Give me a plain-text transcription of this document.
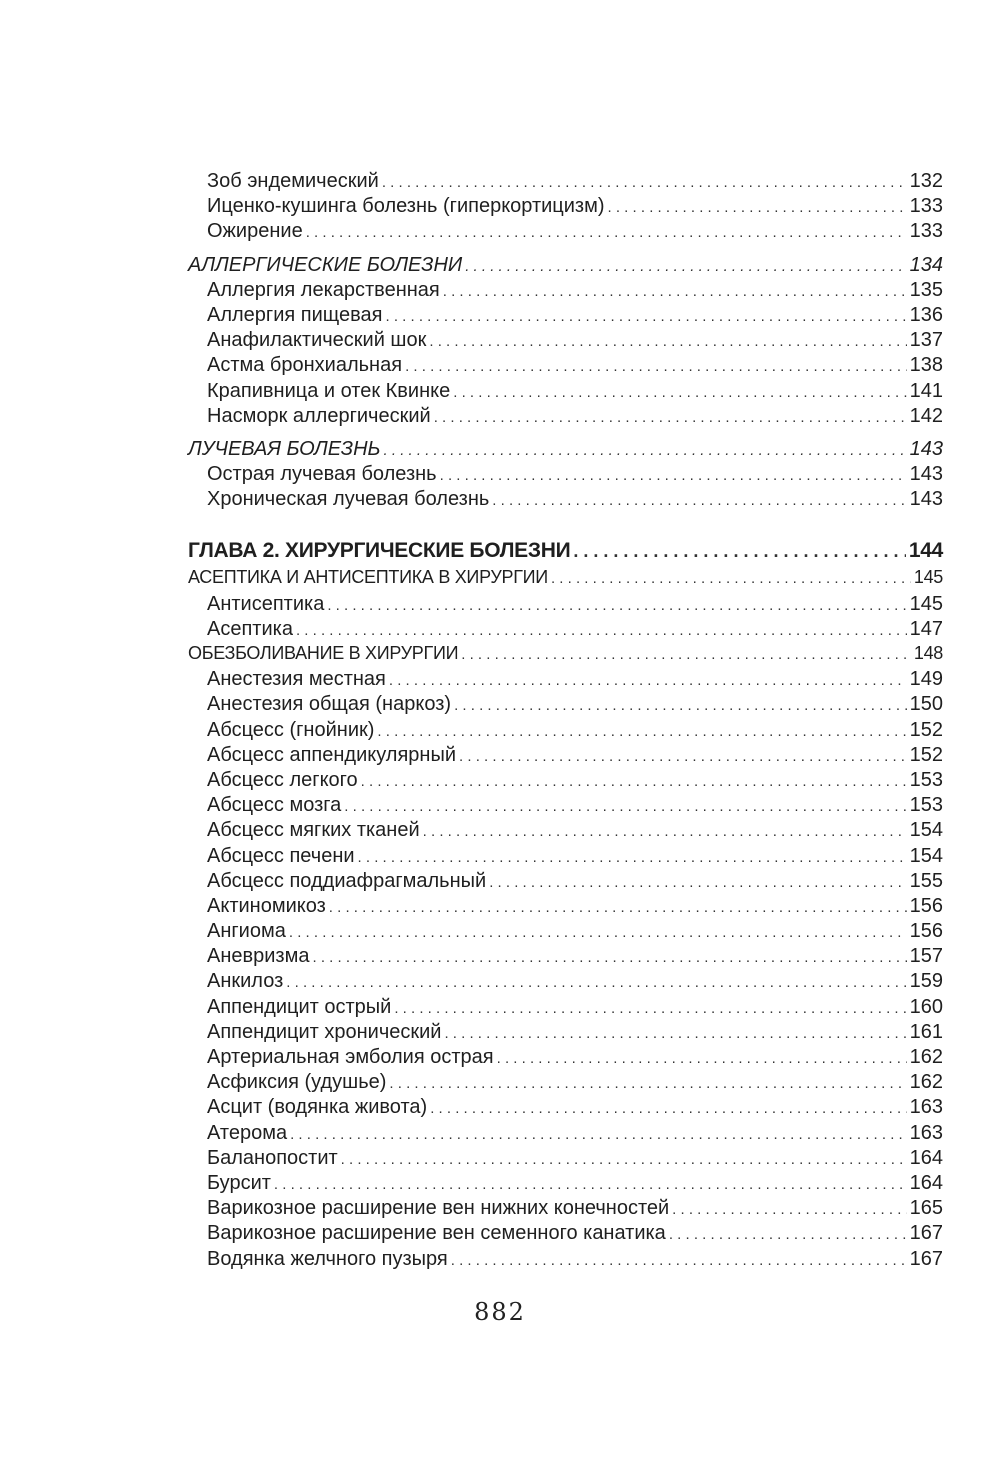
Зоб эндемический . . .	132
Иценко-кушинга болезнь (гиперкортицизм) . . .	133
Ожирение . . .	133
АЛЛЕРГИЧЕСКИЕ БОЛЕЗНИ . . .	134
Аллергия лекарственная . . .	135
Аллергия пищевая . . .	136
Анафилактический шок . . .	137
Астма бронхиальная . . .	138
Крапивница и отек Квинке . . .	141
Насморк аллергический . . .	142
ЛУЧЕВАЯ БОЛЕЗНЬ . . .	143
Острая лучевая болезнь . . .	143
Хроническая лучевая болезнь . . .	143
ГЛАВА 2. ХИРУРГИЧЕСКИЕ БОЛЕЗНИ . . .	144
АСЕПТИКА И АНТИСЕПТИКА В ХИРУРГИИ . . .	145
Антисептика . . .	145
Асептика . . .	147
ОБЕЗБОЛИВАНИЕ В ХИРУРГИИ . . .	148
Анестезия местная . . .	149
Анестезия общая (наркоз) . . .	150
Абсцесс (гнойник) . . .	152
Абсцесс аппендикулярный . . .	152
Абсцесс легкого . . .	153
Абсцесс мозга . . .	153
Абсцесс мягких тканей . . .	154
Абсцесс печени . . .	154
Абсцесс поддиафрагмальный . . .	155
Актиномикоз . . .	156
Ангиома . . .	156
Аневризма . . .	157
Анкилоз . . .	159
Аппендицит острый . . .	160
Аппендицит хронический . . .	161
Артериальная эмболия острая . . .	162
Асфиксия (удушье) . . .	162
Асцит (водянка живота) . . .	163
Атерома . . .	163
Баланопостит . . .	164
Бурсит . . .	164
Варикозное расширение вен нижних конечностей . . .	165
Варикозное расширение вен семенного канатика . . .	167
Водянка желчного пузыря . . .	167
882
